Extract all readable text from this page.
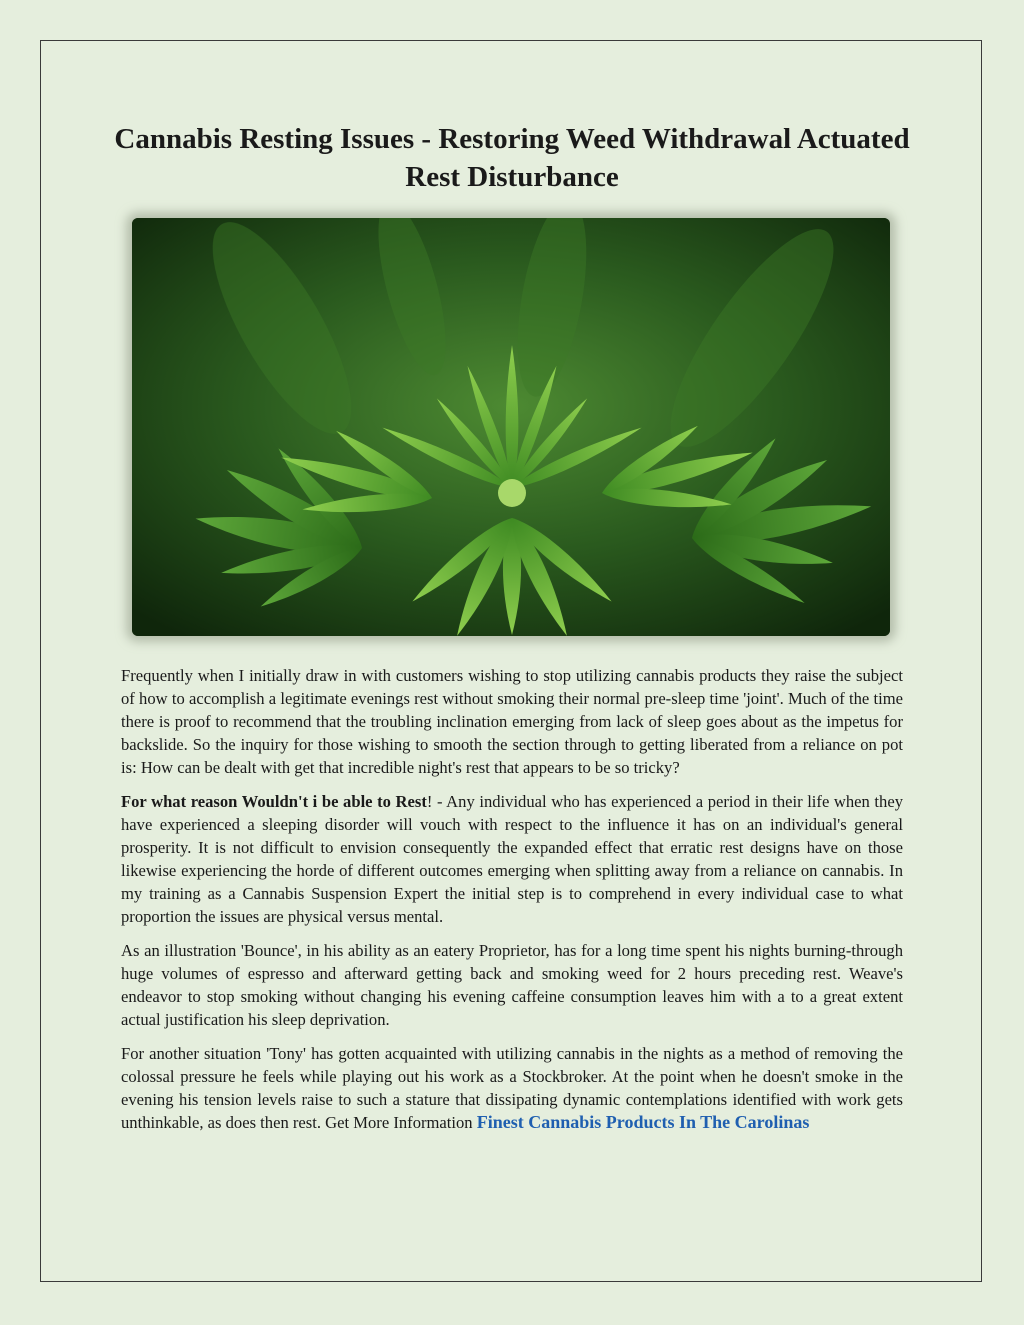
Cannabis Resting Issues - Restoring Weed Withdrawal Actuated Rest Disturbance

Frequently when I initially draw in with customers wishing to stop utilizing cannabis products they raise the subject of how to accomplish a legitimate evenings rest without smoking their normal pre-sleep time 'joint'. Much of the time there is proof to recommend that the troubling inclination emerging from lack of sleep goes about as the impetus for backslide. So the inquiry for those wishing to smooth the section through to getting liberated from a reliance on pot is: How can be dealt with get that incredible night's rest that appears to be so tricky?

For what reason Wouldn't i be able to Rest! - Any individual who has experienced a period in their life when they have experienced a sleeping disorder will vouch with respect to the influence it has on an individual's general prosperity. It is not difficult to envision consequently the expanded effect that erratic rest designs have on those likewise experiencing the horde of different outcomes emerging when splitting away from a reliance on cannabis. In my training as a Cannabis Suspension Expert the initial step is to comprehend in every individual case to what proportion the issues are physical versus mental.

As an illustration 'Bounce', in his ability as an eatery Proprietor, has for a long time spent his nights burning-through huge volumes of espresso and afterward getting back and smoking weed for 2 hours preceding rest. Weave's endeavor to stop smoking without changing his evening caffeine consumption leaves him with a to a great extent actual justification his sleep deprivation.

For another situation 'Tony' has gotten acquainted with utilizing cannabis in the nights as a method of removing the colossal pressure he feels while playing out his work as a Stockbroker. At the point when he doesn't smoke in the evening his tension levels raise to such a stature that dissipating dynamic contemplations identified with work gets unthinkable, as does then rest. Get More Information Finest Cannabis Products In The Carolinas
